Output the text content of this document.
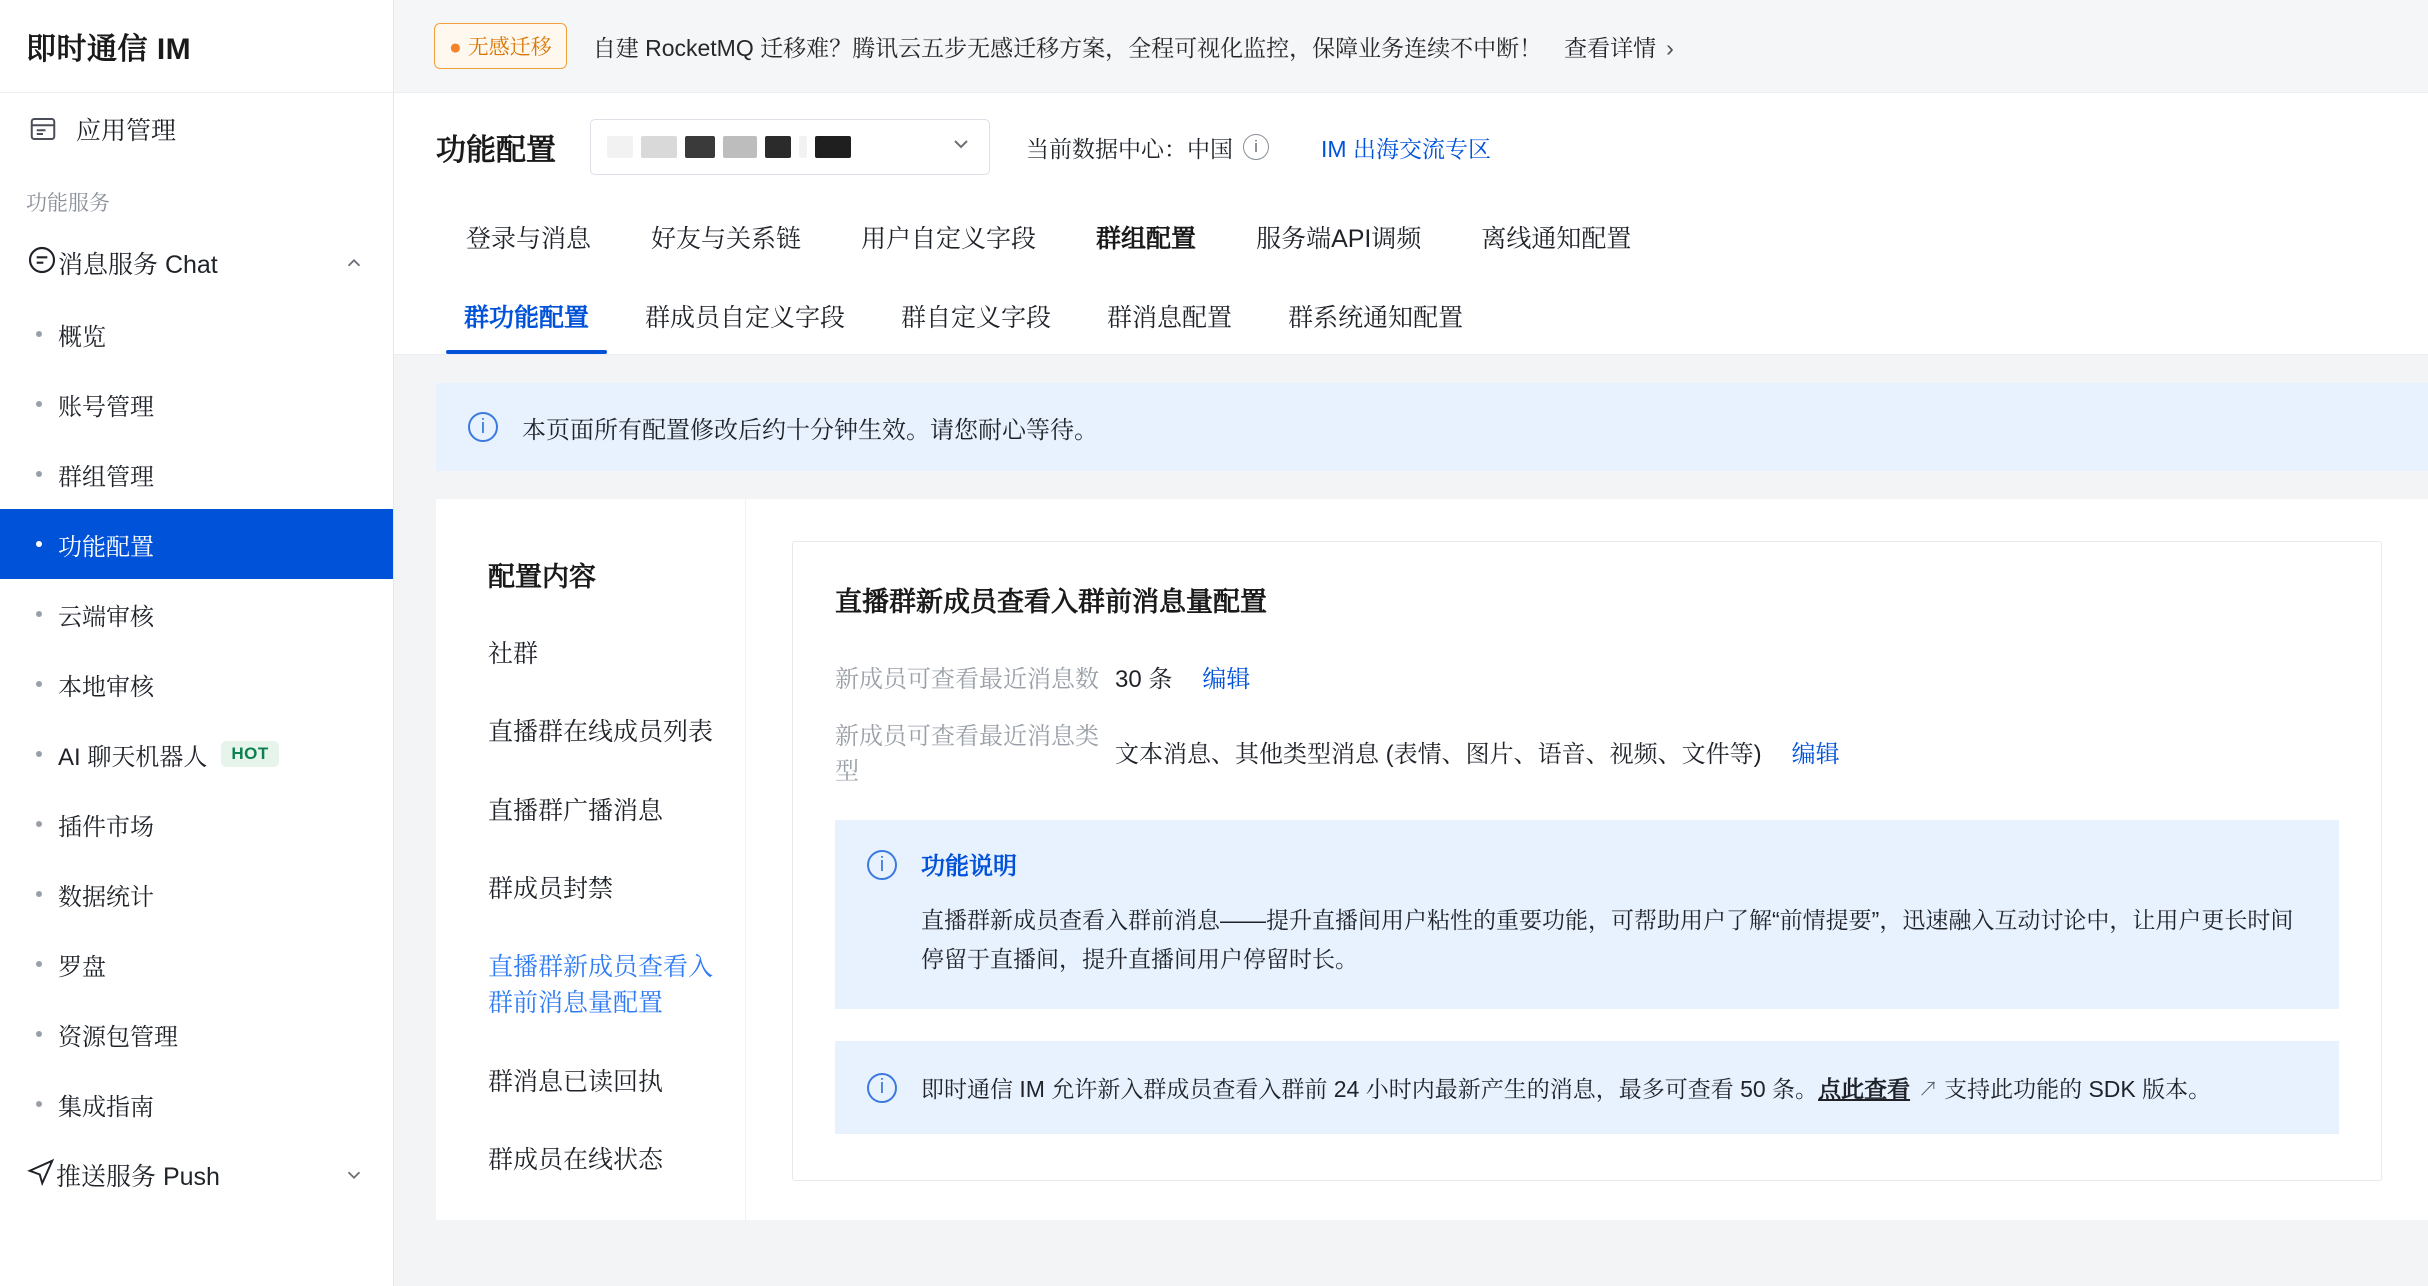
即时通信 IM
应用管理
功能服务
消息服务 Chat
概览
账号管理
群组管理
功能配置
云端审核
本地审核
AI 聊天机器人	HOT
插件市场
数据统计
罗盘
资源包管理
集成指南
推送服务 Push
● 无感迁移	自建 RocketMQ 迁移难？腾讯云五步无感迁移方案，全程可视化监控，保障业务连续不中断！ 查看详情 ›
功能配置	当前数据中心：中国	i	IM 出海交流专区
登录与消息	好友与关系链	用户自定义字段	群组配置	服务端API调频	离线通知配置
群功能配置	群成员自定义字段	群自定义字段	群消息配置	群系统通知配置
i	本页面所有配置修改后约十分钟生效。请您耐心等待。
配置内容
社群
直播群在线成员列表
直播群广播消息
群成员封禁
直播群新成员查看入群前消息量配置
群消息已读回执
群成员在线状态
直播群新成员查看入群前消息量配置
新成员可查看最近消息数 30 条 编辑
新成员可查看最近消息类型
文本消息、其他类型消息 (表情、图片、语音、视频、文件等) 编辑
i	功能说明
直播群新成员查看入群前消息——提升直播间用户粘性的重要功能，可帮助用户了解“前情提要”，迅速融入互动讨论中，让用户更长时间停留于直播间，提升直播间用户停留时长。
i	即时通信 IM 允许新入群成员查看入群前 24 小时内最新产生的消息，最多可查看 50 条。 点此查看 ↗ 支持此功能的 SDK 版本。
